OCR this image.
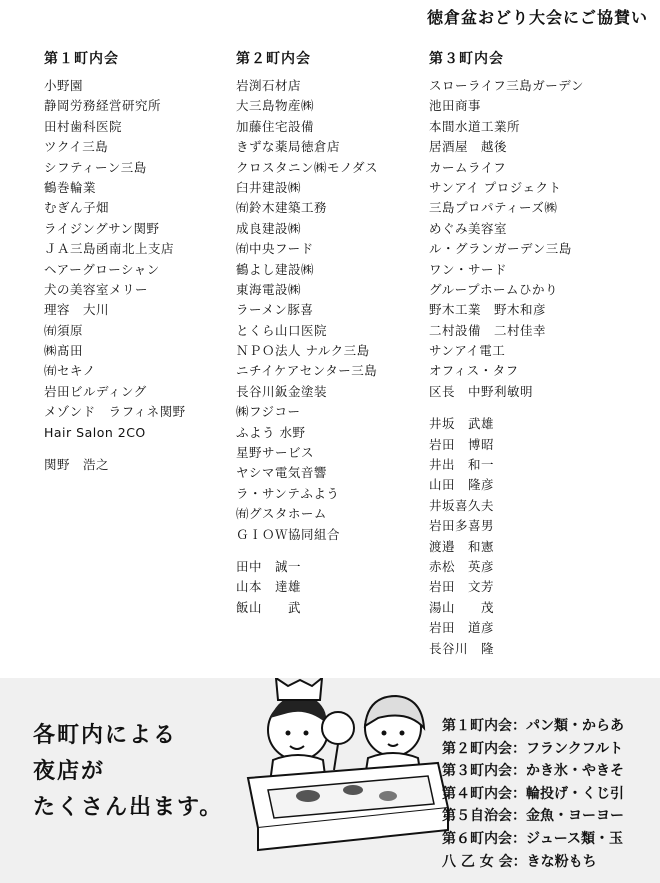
徳倉盆おどり大会にご協賛い
第１町内会
小野園
静岡労務経営研究所
田村歯科医院
ツクイ三島
シフティーン三島
鶴巻輪業
むぎん子畑
ライジングサン関野
ＪＡ三島函南北上支店
ヘアーグローシャン
犬の美容室メリー
理容　大川
㈲須原
㈱髙田
㈲セキノ
岩田ビルディング
メゾンド　ラフィネ関野
Hair Salon 2CO
関野　浩之
第２町内会
岩渕石材店
大三島物産㈱
加藤住宅設備
きずな薬局徳倉店
クロスタニン㈱モノダス
臼井建設㈱
㈲鈴木建築工務
成良建設㈱
㈲中央フード
鶴よし建設㈱
東海電設㈱
ラーメン豚喜
とくら山口医院
ＮＰＯ法人 ナルク三島
ニチイケアセンター三島
長谷川鈑金塗装
㈱フジコー
ふよう 水野
星野サービス
ヤシマ電気音響
ラ・サンテふよう
㈲グスタホーム
ＧＩＯＷ協同組合
田中　誠一
山本　達雄
飯山　　武
第３町内会
スローライフ三島ガーデン
池田商事
本間水道工業所
居酒屋　越後
カームライフ
サンアイ プロジェクト
三島プロパティーズ㈱
めぐみ美容室
ル・グランガーデン三島
ワン・サード
グループホームひかり
野木工業　野木和彦
二村設備　二村佳幸
サンアイ電工
オフィス・タフ
区長　中野利敏明
井坂　武雄
岩田　博昭
井出　和一
山田　隆彦
井坂喜久夫
岩田多喜男
渡邉　和憲
赤松　英彦
岩田　文芳
湯山　　茂
岩田　道彦
長谷川　隆
各町内による
夜店が
たくさん出ます。
第１町内会：パン類・からあ
第２町内会：フランクフルト
第３町内会：かき氷・やきそ
第４町内会：輪投げ・くじ引
第５自治会：金魚・ヨーヨー
第６町内会：ジュース類・玉
八 乙 女 会：きな粉もち
